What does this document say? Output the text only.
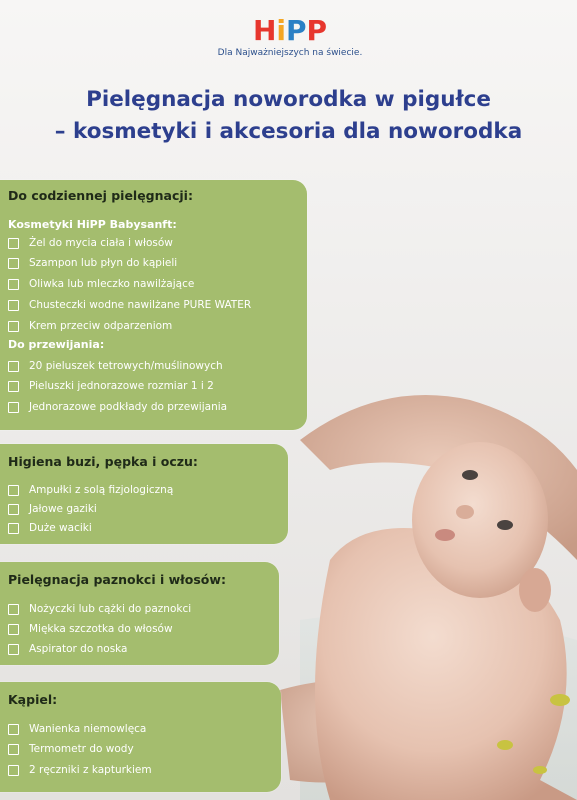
HiPP
Dla Najważniejszych na świecie.
Pielęgnacja noworodka w pigułce
– kosmetyki i akcesoria dla noworodka
Do codziennej pielęgnacji:
Kosmetyki HiPP Babysanft:
Żel do mycia ciała i włosów
Szampon lub płyn do kąpieli
Oliwka lub mleczko nawilżające
Chusteczki wodne nawilżane PURE WATER
Krem przeciw odparzeniom
Do przewijania:
20 pieluszek tetrowych/muślinowych
Pieluszki jednorazowe rozmiar 1 i 2
Jednorazowe podkłady do przewijania
Higiena buzi, pępka i oczu:
Ampułki z solą fizjologiczną
Jałowe gaziki
Duże waciki
Pielęgnacja paznokci i włosów:
Nożyczki lub cążki do paznokci
Miękka szczotka do włosów
Aspirator do noska
Kąpiel:
Wanienka niemowlęca
Termometr do wody
2 ręczniki z kapturkiem
